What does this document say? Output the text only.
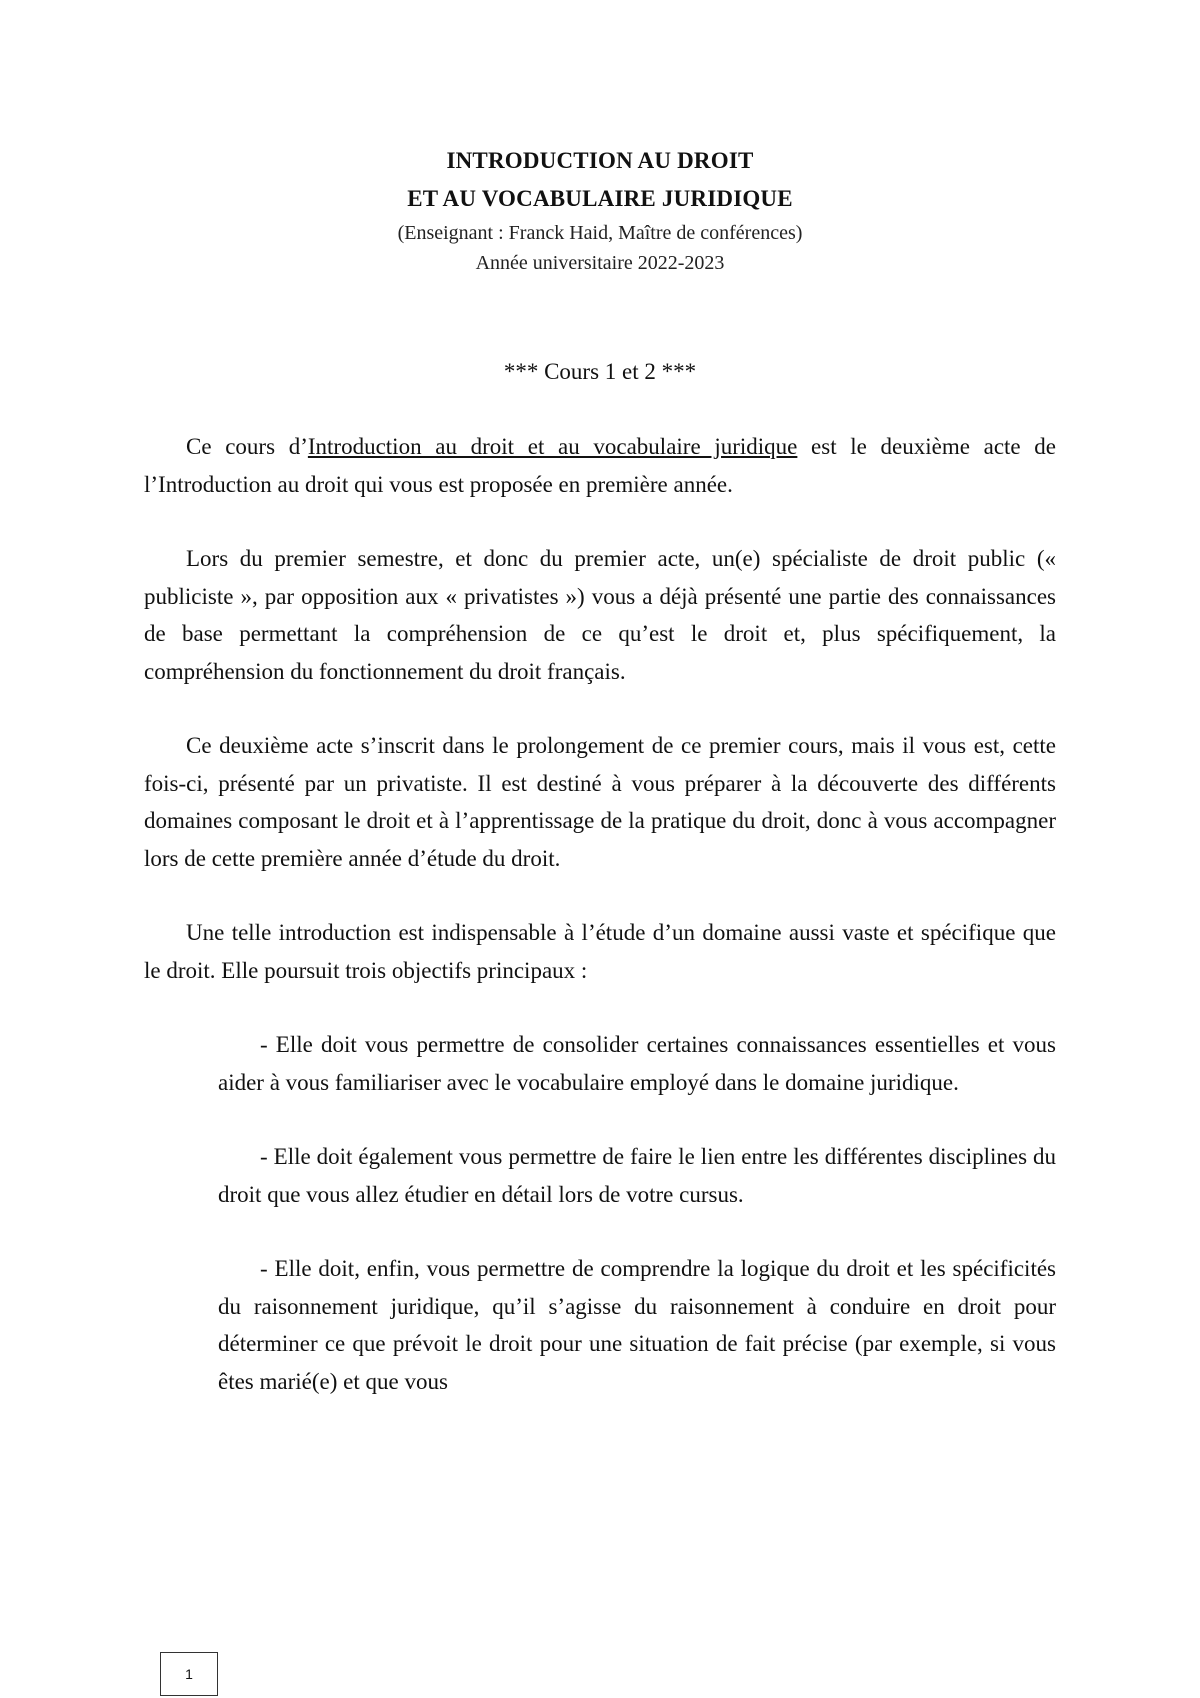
INTRODUCTION AU DROIT
ET AU VOCABULAIRE JURIDIQUE
(Enseignant : Franck Haid, Maître de conférences)
Année universitaire 2022-2023
*** Cours 1 et 2 ***

Ce cours d’Introduction au droit et au vocabulaire juridique est le deuxième acte de l’Introduction au droit qui vous est proposée en première année.

Lors du premier semestre, et donc du premier acte, un(e) spécialiste de droit public (« publiciste », par opposition aux « privatistes ») vous a déjà présenté une partie des connaissances de base permettant la compréhension de ce qu’est le droit et, plus spécifiquement, la compréhension du fonctionnement du droit français.

Ce deuxième acte s’inscrit dans le prolongement de ce premier cours, mais il vous est, cette fois-ci, présenté par un privatiste. Il est destiné à vous préparer à la découverte des différents domaines composant le droit et à l’apprentissage de la pratique du droit, donc à vous accompagner lors de cette première année d’étude du droit.

Une telle introduction est indispensable à l’étude d’un domaine aussi vaste et spécifique que le droit. Elle poursuit trois objectifs principaux :

- Elle doit vous permettre de consolider certaines connaissances essentielles et vous aider à vous familiariser avec le vocabulaire employé dans le domaine juridique.
- Elle doit également vous permettre de faire le lien entre les différentes disciplines du droit que vous allez étudier en détail lors de votre cursus.
- Elle doit, enfin, vous permettre de comprendre la logique du droit et les spécificités du raisonnement juridique, qu’il s’agisse du raisonnement à conduire en droit pour déterminer ce que prévoit le droit pour une situation de fait précise (par exemple, si vous êtes marié(e) et que vous
1
